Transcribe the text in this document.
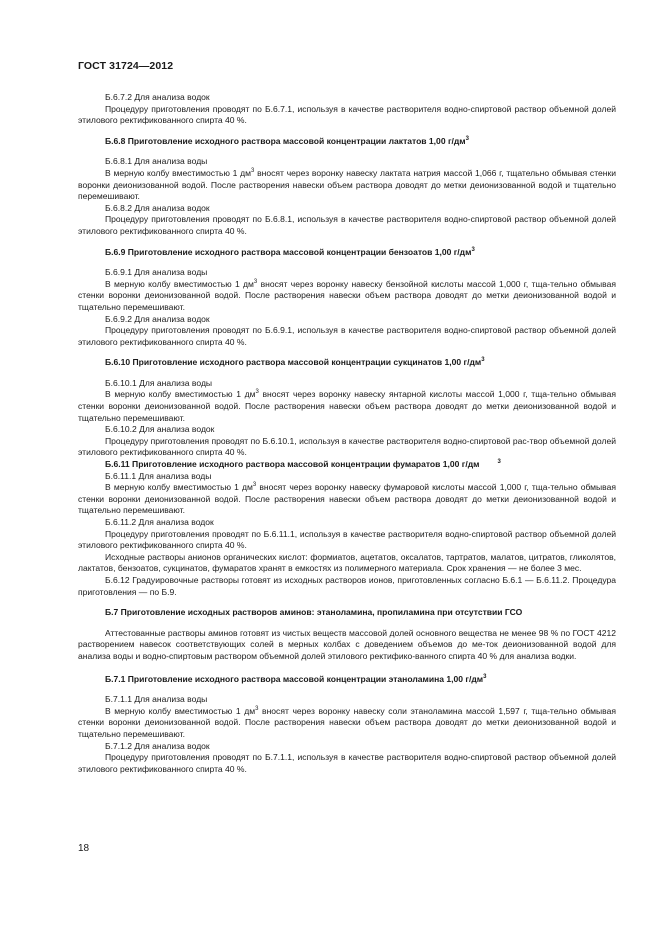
ГОСТ 31724—2012

Б.6.7.2 Для анализа водок

Процедуру приготовления проводят по Б.6.7.1, используя в качестве растворителя водно-спиртовой раствор объемной долей этилового ректификованного спирта 40 %.

Б.6.8 Приготовление исходного раствора массовой концентрации лактатов 1,00 $г/дм^3$

Б.6.8.1 Для анализа воды

В мерную колбу вместимостью 1 $дм^3$ вносят через воронку навеску лактата натрия массой 1,066 г, тщательно обмывая стенки воронки деионизованной водой. После растворения навески объем раствора доводят до метки деионизованной водой и тщательно перемешивают.

Б.6.8.2 Для анализа водок

Процедуру приготовления проводят по Б.6.8.1, используя в качестве растворителя водно-спиртовой раствор объемной долей этилового ректификованного спирта 40 %.

Б.6.9 Приготовление исходного раствора массовой концентрации бензоатов 1,00 $г/дм^3$

Б.6.9.1 Для анализа воды

В мерную колбу вместимостью 1 $дм^3$ вносят через воронку навеску бензойной кислоты массой 1,000 г, тща-тельно обмывая стенки воронки деионизованной водой. После растворения навески объем раствора доводят до метки деионизованной водой и тщательно перемешивают.

Б.6.9.2 Для анализа водок

Процедуру приготовления проводят по Б.6.9.1, используя в качестве растворителя водно-спиртовой раствор объемной долей этилового ректификованного спирта 40 %.

Б.6.10 Приготовление исходного раствора массовой концентрации сукцинатов 1,00 $г/дм^3$

Б.6.10.1 Для анализа воды

В мерную колбу вместимостью 1 $дм^3$ вносят через воронку навеску янтарной кислоты массой 1,000 г, тща-тельно обмывая стенки воронки деионизованной водой. После растворения навески объем раствора доводят до метки деионизованной водой и тщательно перемешивают.

Б.6.10.2 Для анализа водок

Процедуру приготовления проводят по Б.6.10.1, используя в качестве растворителя водно-спиртовой рас-твор объемной долей этилового ректификованного спирта 40 %.

Б.6.11 Приготовление исходного раствора массовой концентрации фумаратов 1,00 г/дм	$^3$

Б.6.11.1 Для анализа воды

В мерную колбу вместимостью 1 $дм^3$ вносят через воронку навеску фумаровой кислоты массой 1,000 г, тща-тельно обмывая стенки воронки деионизованной водой. После растворения навески объем раствора доводят до метки деионизованной водой и тщательно перемешивают.

Б.6.11.2 Для анализа водок

Процедуру приготовления проводят по Б.6.11.1, используя в качестве растворителя водно-спиртовой раствор объемной долей этилового ректификованного спирта 40 %.

Исходные растворы анионов органических кислот: формиатов, ацетатов, оксалатов, тартратов, малатов, цитратов, гликолятов, лактатов, бензоатов, сукцинатов, фумаратов хранят в емкостях из полимерного материала. Срок хранения — не более 3 мес.

Б.6.12 Градуировочные растворы готовят из исходных растворов ионов, приготовленных согласно Б.6.1 — Б.6.11.2. Процедура приготовления — по Б.9.

Б.7 Приготовление исходных растворов аминов: этаноламина, пропиламина при отсутствии ГСО

Аттестованные растворы аминов готовят из чистых веществ массовой долей основного вещества не менее 98 % по ГОСТ 4212 растворением навесок соответствующих солей в мерных колбах с доведением объемов до ме-ток деионизованной водой для анализа воды и водно-спиртовым раствором объемной долей этилового ректифико-ванного спирта 40 % для анализа водки.

Б.7.1 Приготовление исходного раствора массовой концентрации этаноламина 1,00 $г/дм^3$

Б.7.1.1 Для анализа воды

В мерную колбу вместимостью 1 $дм^3$ вносят через воронку навеску соли этаноламина массой 1,597 г, тща-тельно обмывая стенки воронки деионизованной водой. После растворения навески объем раствора доводят до метки деионизованной водой и тщательно перемешивают.

Б.7.1.2 Для анализа водок

Процедуру приготовления проводят по Б.7.1.1, используя в качестве растворителя водно-спиртовой раствор объемной долей этилового ректификованного спирта 40 %.

18
